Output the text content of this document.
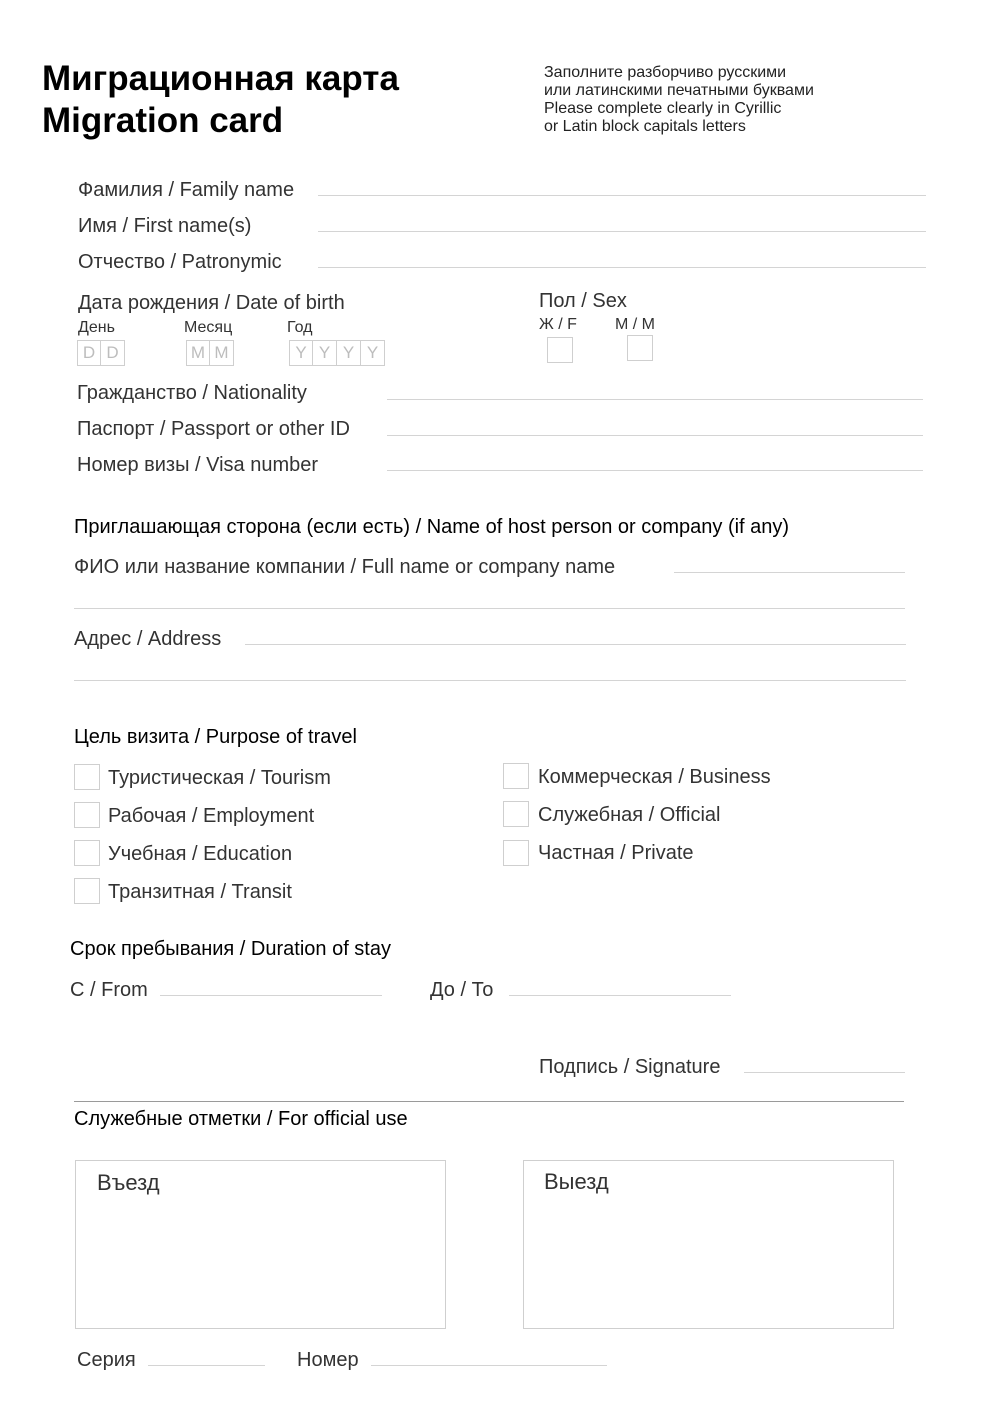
Миграционная карта
Migration card
Заполните разборчиво русскими
или латинскими печатными буквами
Please complete clearly in Cyrillic
or Latin block capitals letters
Фамилия / Family name
Имя / First name(s)
Отчество / Patronymic
Дата рождения / Date of birth
День	Месяц	Год
D D	M M	Y Y Y Y
Пол / Sex
Ж / F М / M
Гражданство / Nationality
Паспорт / Passport or other ID
Номер визы / Visa number
Приглашающая сторона (если есть) / Name of host person or company (if any)
ФИО или название компании / Full name or company name
Адрес / Address
Цель визита / Purpose of travel
Туристическая / Tourism
Рабочая / Employment
Учебная / Education
Транзитная / Transit
Коммерческая / Business
Служебная / Official
Частная / Private
Срок пребывания / Duration of stay
С / From	До / То
Подпись / Signature
Служебные отметки / For official use
Въезд	Выезд
Серия	Номер
